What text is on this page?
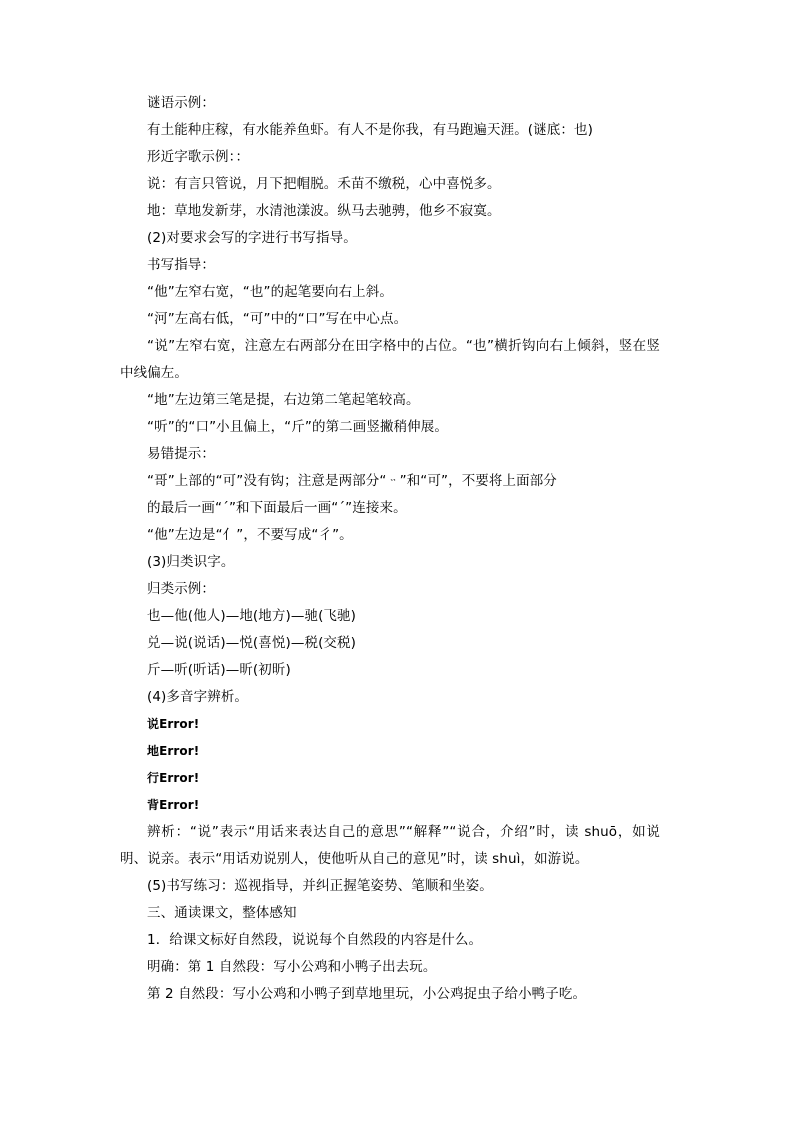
谜语示例：
有土能种庄稼，有水能养鱼虾。有人不是你我，有马跑遍天涯。(谜底：也)
形近字歌示例：：
说：有言只管说，月下把帽脱。禾苗不缴税，心中喜悦多。
地：草地发新芽，水清池漾波。纵马去驰骋，他乡不寂寞。
(2)对要求会写的字进行书写指导。
书写指导：
“他”左窄右宽，“也”的起笔要向右上斜。
“河”左高右低，“可”中的“口”写在中心点。
“说”左窄右宽，注意左右两部分在田字格中的占位。“也”横折钩向右上倾斜，竖在竖中线偏左。
“地”左边第三笔是提，右边第二笔起笔较高。
“听”的“口”小且偏上，“斤”的第二画竖撇稍伸展。
易错提示：
“哥”上部的“可”没有钩；注意是两部分“ᆢ”和“可”，不要将上面部分
的最后一画“ˊ”和下面最后一画“ˊ”连接来。
“他”左边是“亻”，不要写成“彳”。
(3)归类识字。
归类示例：
也—他(他人)—地(地方)—驰(飞驰)
兑—说(说话)—悦(喜悦)—税(交税)
斤—听(听话)—昕(初昕)
(4)多音字辨析。
说Error!
地Error!
行Error!
背Error!
辨析：“说”表示“用话来表达自己的意思”“解释”“说合，介绍”时，读 shuō，如说明、说亲。表示“用话劝说别人，使他听从自己的意见”时，读 shuì，如游说。
(5)书写练习：巡视指导，并纠正握笔姿势、笔顺和坐姿。
三、通读课文，整体感知
1．给课文标好自然段，说说每个自然段的内容是什么。
明确：第 1 自然段：写小公鸡和小鸭子出去玩。
第 2 自然段：写小公鸡和小鸭子到草地里玩，小公鸡捉虫子给小鸭子吃。
